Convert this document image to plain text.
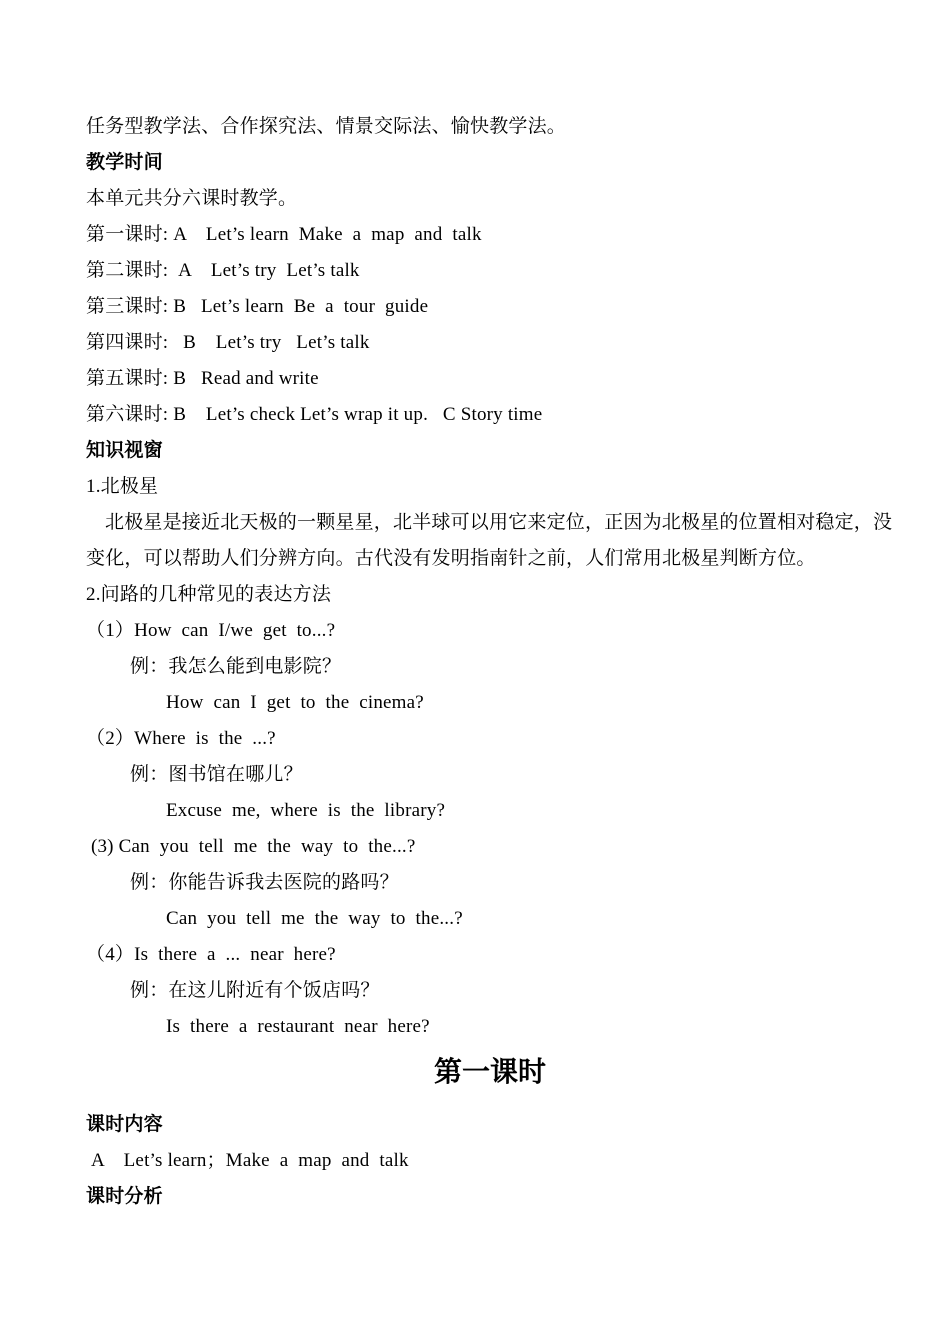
任务型教学法、合作探究法、情景交际法、愉快教学法。
教学时间
本单元共分六课时教学。
第一课时: A    Let’s learn  Make  a  map  and  talk
第二课时:  A    Let’s try  Let’s talk
第三课时: B   Let’s learn  Be  a  tour  guide
第四课时:   B    Let’s try   Let’s talk
第五课时: B   Read and write
第六课时: B    Let’s check Let’s wrap it up.   C Story time
知识视窗
1.北极星
北极星是接近北天极的一颗星星，北半球可以用它来定位，正因为北极星的位置相对稳定，没
变化，可以帮助人们分辨方向。古代没有发明指南针之前，人们常用北极星判断方位。
2.问路的几种常见的表达方法
（1）How  can  I/we  get  to...?
例：我怎么能到电影院？
How  can  I  get  to  the  cinema?
（2）Where  is  the  ...?
例：图书馆在哪儿？
Excuse  me,  where  is  the  library?
(3) Can  you  tell  me  the  way  to  the...?
例：你能告诉我去医院的路吗？
Can  you  tell  me  the  way  to  the...?
（4）Is  there  a  ...  near  here?
例：在这儿附近有个饭店吗？
Is  there  a  restaurant  near  here?
第一课时
课时内容
A    Let’s learn；Make  a  map  and  talk
课时分析
